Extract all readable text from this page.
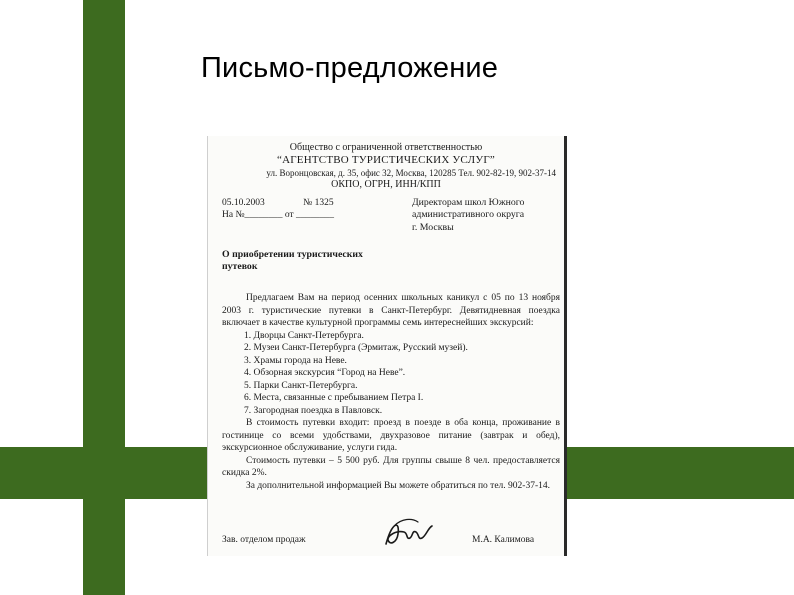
Письмо-предложение
Общество с ограниченной ответственностью
“АГЕНТСТВО ТУРИСТИЧЕСКИХ УСЛУГ”
ул. Воронцовская, д. 35, офис 32, Москва, 120285 Тел. 902-82-19, 902-37-14
ОКПО, ОГРН, ИНН/КПП
05.10.2003	№ 1325
На №________ от ________
Директорам школ Южного
административного округа
г. Москвы
О приобретении туристических
путевок

Предлагаем Вам на период осенних школьных каникул с 05 по 13 ноября 2003 г. туристические путевки в Санкт-Петербург. Девятидневная поездка включает в качестве культурной программы семь интереснейших экскурсий:

1. Дворцы Санкт-Петербурга.
2. Музеи Санкт-Петербурга (Эрмитаж, Русский музей).
3. Храмы города на Неве.
4. Обзорная экскурсия “Город на Неве”.
5. Парки Санкт-Петербурга.
6. Места, связанные с пребыванием Петра I.
7. Загородная поездка в Павловск.

В стоимость путевки входит: проезд в поезде в оба конца, проживание в гостинице со всеми удобствами, двухразовое питание (завтрак и обед), экскурсионное обслуживание, услуги гида.

Стоимость путевки – 5 500 руб. Для группы свыше 8 чел. предоставляется скидка 2%.

За дополнительной информацией Вы можете обратиться по тел. 902-37-14.

Зав. отделом продаж	М.А. Калимова
